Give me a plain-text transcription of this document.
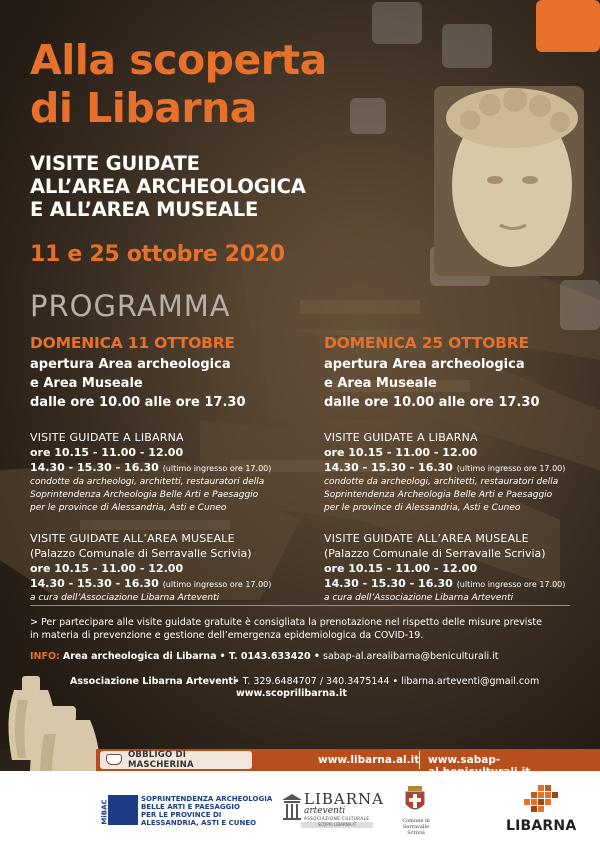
Alla scoperta
di Libarna
VISITE GUIDATE
ALL’AREA ARCHEOLOGICA
E ALL’AREA MUSEALE
11 e 25 ottobre 2020
PROGRAMMA
DOMENICA 11 OTTOBRE
apertura Area archeologica
e Area Museale
dalle ore 10.00 alle ore 17.30
VISITE GUIDATE A LIBARNA
ore 10.15 - 11.00 - 12.00
14.30 - 15.30 - 16.30 (ultimo ingresso ore 17.00)
condotte da archeologi, architetti, restauratori della
Soprintendenza Archeologia Belle Arti e Paesaggio
per le province di Alessandria, Asti e Cuneo
VISITE GUIDATE ALL’AREA MUSEALE
(Palazzo Comunale di Serravalle Scrivia)
ore 10.15 - 11.00 - 12.00
14.30 - 15.30 - 16.30 (ultimo ingresso ore 17.00)
a cura dell’Associazione Libarna Arteventi
DOMENICA 25 OTTOBRE
apertura Area archeologica
e Area Museale
dalle ore 10.00 alle ore 17.30
VISITE GUIDATE A LIBARNA
ore 10.15 - 11.00 - 12.00
14.30 - 15.30 - 16.30 (ultimo ingresso ore 17.00)
condotte da archeologi, architetti, restauratori della
Soprintendenza Archeologia Belle Arti e Paesaggio
per le province di Alessandria, Asti e Cuneo
VISITE GUIDATE ALL’AREA MUSEALE
(Palazzo Comunale di Serravalle Scrivia)
ore 10.15 - 11.00 - 12.00
14.30 - 15.30 - 16.30 (ultimo ingresso ore 17.00)
a cura dell’Associazione Libarna Arteventi
> Per partecipare alle visite guidate gratuite è consigliata la prenotazione nel rispetto delle misure previste
in materia di prevenzione e gestione dell’emergenza epidemiologica da COVID-19.
INFO: Area archeologica di Libarna • T. 0143.633420 • sabap-al.arealibarna@beniculturali.it
Associazione Libarna Arteventi
• T. 329.6484707 / 340.3475144 • libarna.arteventi@gmail.com
www.scoprilibarna.it
OBBLIGO DI MASCHERINA	www.libarna.al.it www.sabap-
MiBAC
SOPRINTENDENZA ARCHEOLOGIA
BELLE ARTI E PAESAGGIO
PER LE PROVINCE DI
ALESSANDRIA, ASTI E CUNEO
LIBARNA
arteventi
ASSOCIAZIONE CULTURALE
SCOPRI LIBARNA.IT
Comune di
Serravalle Scrivia	LIBARNA
